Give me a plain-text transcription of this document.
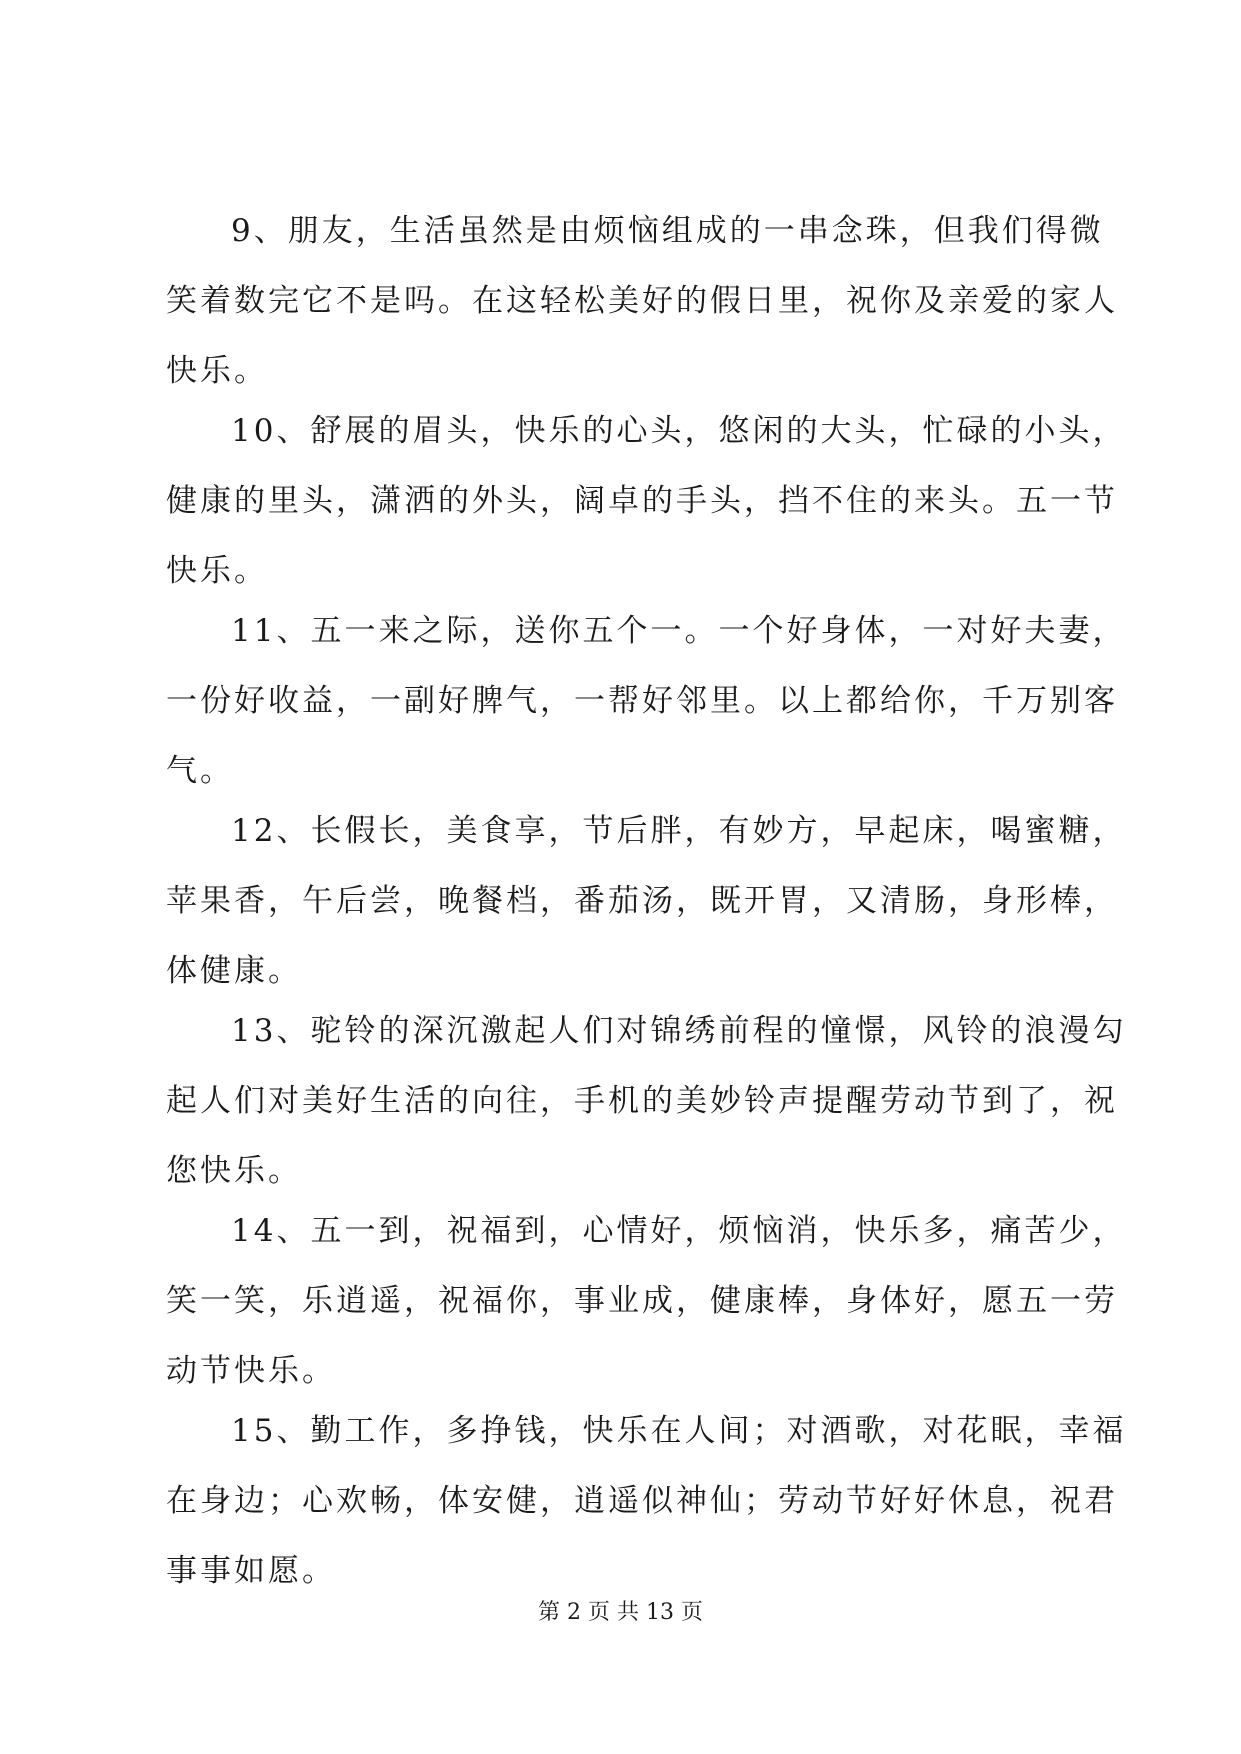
9、朋友，生活虽然是由烦恼组成的一串念珠，但我们得微
笑着数完它不是吗。在这轻松美好的假日里，祝你及亲爱的家人
快乐。
10、舒展的眉头，快乐的心头，悠闲的大头，忙碌的小头，
健康的里头，潇洒的外头，阔卓的手头，挡不住的来头。五一节
快乐。
11、五一来之际，送你五个一。一个好身体，一对好夫妻，
一份好收益，一副好脾气，一帮好邻里。以上都给你，千万别客
气。
12、长假长，美食享，节后胖，有妙方，早起床，喝蜜糖，
苹果香，午后尝，晚餐档，番茄汤，既开胃，又清肠，身形棒，
体健康。
13、驼铃的深沉激起人们对锦绣前程的憧憬，风铃的浪漫勾
起人们对美好生活的向往，手机的美妙铃声提醒劳动节到了，祝
您快乐。
14、五一到，祝福到，心情好，烦恼消，快乐多，痛苦少，
笑一笑，乐逍遥，祝福你，事业成，健康棒，身体好，愿五一劳
动节快乐。
15、勤工作，多挣钱，快乐在人间；对酒歌，对花眠，幸福
在身边；心欢畅，体安健，逍遥似神仙；劳动节好好休息，祝君
事事如愿。
第 2 页 共 13 页
